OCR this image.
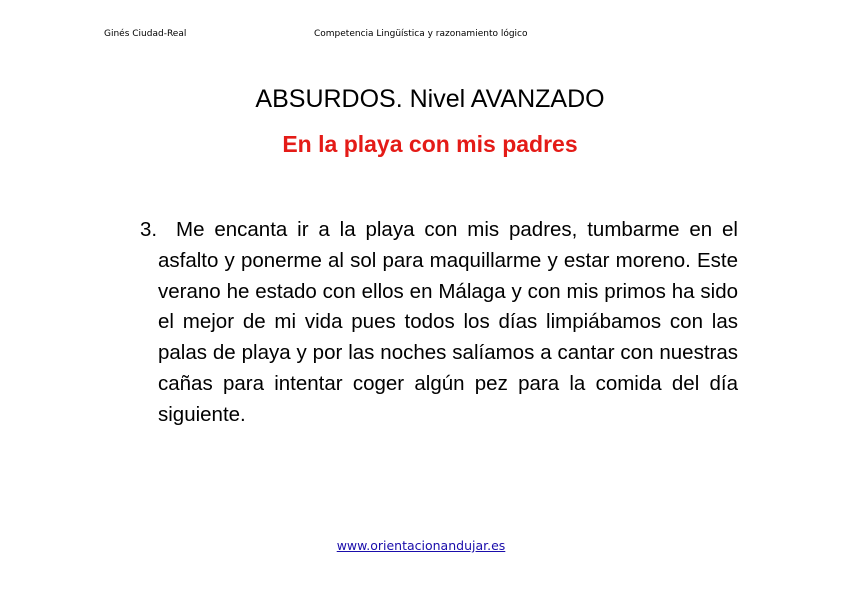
Ginés Ciudad-Real	Competencia Lingüística y razonamiento lógico
ABSURDOS. Nivel AVANZADO
En la playa con mis padres
3. Me encanta ir a la playa con mis padres, tumbarme en el asfalto y ponerme al sol para maquillarme y estar moreno. Este verano he estado con ellos en Málaga y con mis primos ha sido el mejor de mi vida pues todos los días limpiábamos con las palas de playa y por las noches salíamos a cantar con nuestras cañas para intentar coger algún pez para la comida del día siguiente.
www.orientacionandujar.es
